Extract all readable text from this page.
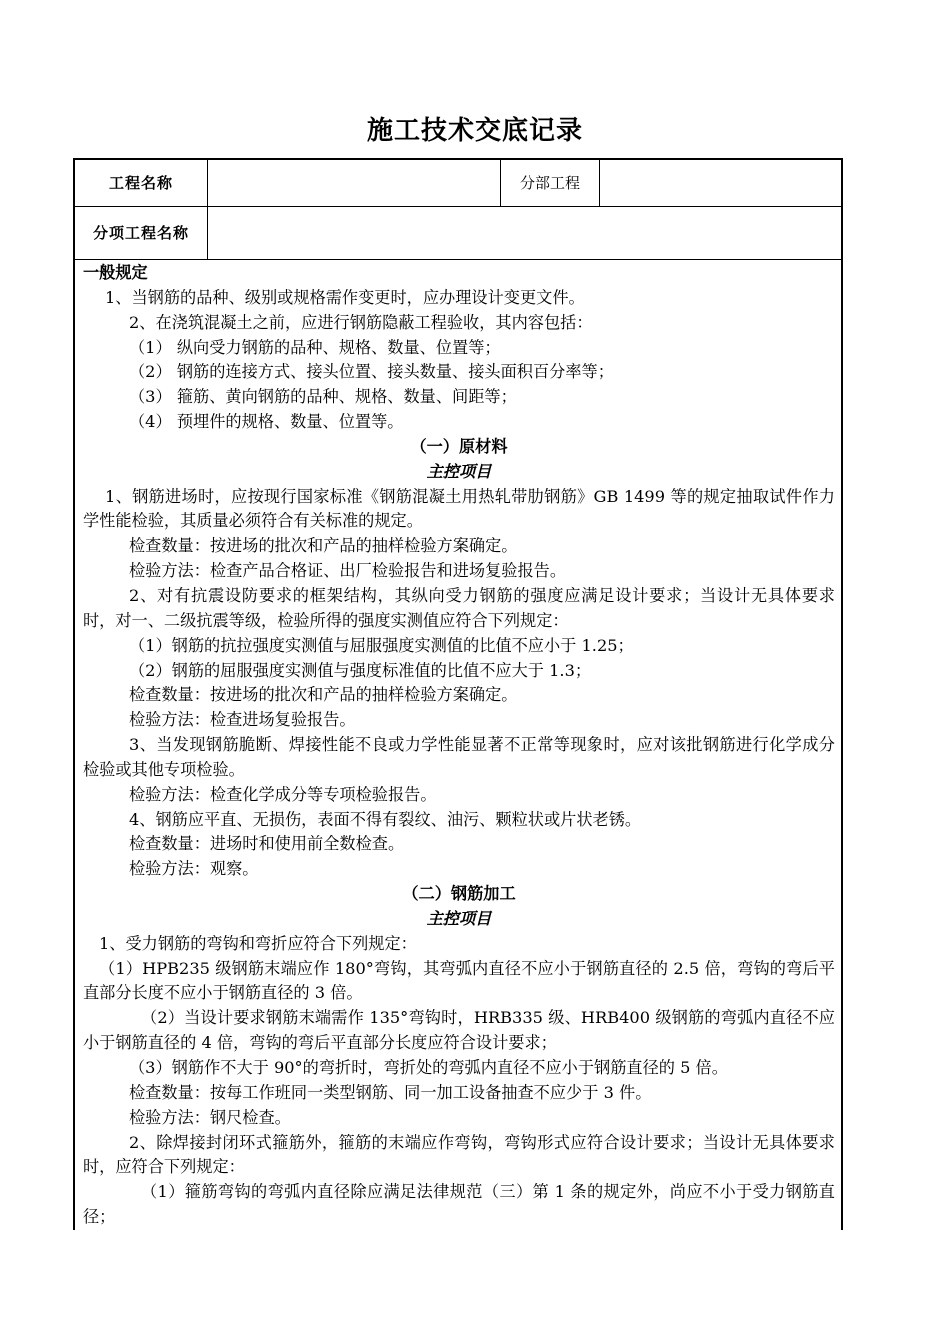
施工技术交底记录
工程名称		分部工程	
分项工程名称			

一般规定

1、当钢筋的品种、级别或规格需作变更时，应办理设计变更文件。

2、在浇筑混凝土之前，应进行钢筋隐蔽工程验收，其内容包括：

（1） 纵向受力钢筋的品种、规格、数量、位置等；

（2） 钢筋的连接方式、接头位置、接头数量、接头面积百分率等；

（3） 箍筋、黄向钢筋的品种、规格、数量、间距等；

（4） 预埋件的规格、数量、位置等。

（一）原材料

主控项目

1、钢筋进场时，应按现行国家标准《钢筋混凝土用热轧带肋钢筋》GB 1499 等的规定抽取试件作力学性能检验，其质量必须符合有关标准的规定。

检查数量：按进场的批次和产品的抽样检验方案确定。

检验方法：检查产品合格证、出厂检验报告和进场复验报告。

2、对有抗震设防要求的框架结构，其纵向受力钢筋的强度应满足设计要求；当设计无具体要求时，对一、二级抗震等级，检验所得的强度实测值应符合下列规定：

（1）钢筋的抗拉强度实测值与屈服强度实测值的比值不应小于 1.25；

（2）钢筋的屈服强度实测值与强度标准值的比值不应大于 1.3；

检查数量：按进场的批次和产品的抽样检验方案确定。

检验方法：检查进场复验报告。

3、当发现钢筋脆断、焊接性能不良或力学性能显著不正常等现象时，应对该批钢筋进行化学成分检验或其他专项检验。

检验方法：检查化学成分等专项检验报告。

4、钢筋应平直、无损伤，表面不得有裂纹、油污、颗粒状或片状老锈。

检查数量：进场时和使用前全数检查。

检验方法：观察。

（二）钢筋加工

主控项目

1、受力钢筋的弯钩和弯折应符合下列规定：

（1）HPB235 级钢筋末端应作 180°弯钩，其弯弧内直径不应小于钢筋直径的 2.5 倍，弯钩的弯后平直部分长度不应小于钢筋直径的 3 倍。

（2）当设计要求钢筋末端需作 135°弯钩时，HRB335 级、HRB400 级钢筋的弯弧内直径不应小于钢筋直径的 4 倍，弯钩的弯后平直部分长度应符合设计要求；

（3）钢筋作不大于 90°的弯折时，弯折处的弯弧内直径不应小于钢筋直径的 5 倍。

检查数量：按每工作班同一类型钢筋、同一加工设备抽查不应少于 3 件。

检验方法：钢尺检查。

2、除焊接封闭环式箍筋外，箍筋的末端应作弯钩，弯钩形式应符合设计要求；当设计无具体要求时，应符合下列规定：

（1）箍筋弯钩的弯弧内直径除应满足法律规范（三）第 1 条的规定外，尚应不小于受力钢筋直径；
